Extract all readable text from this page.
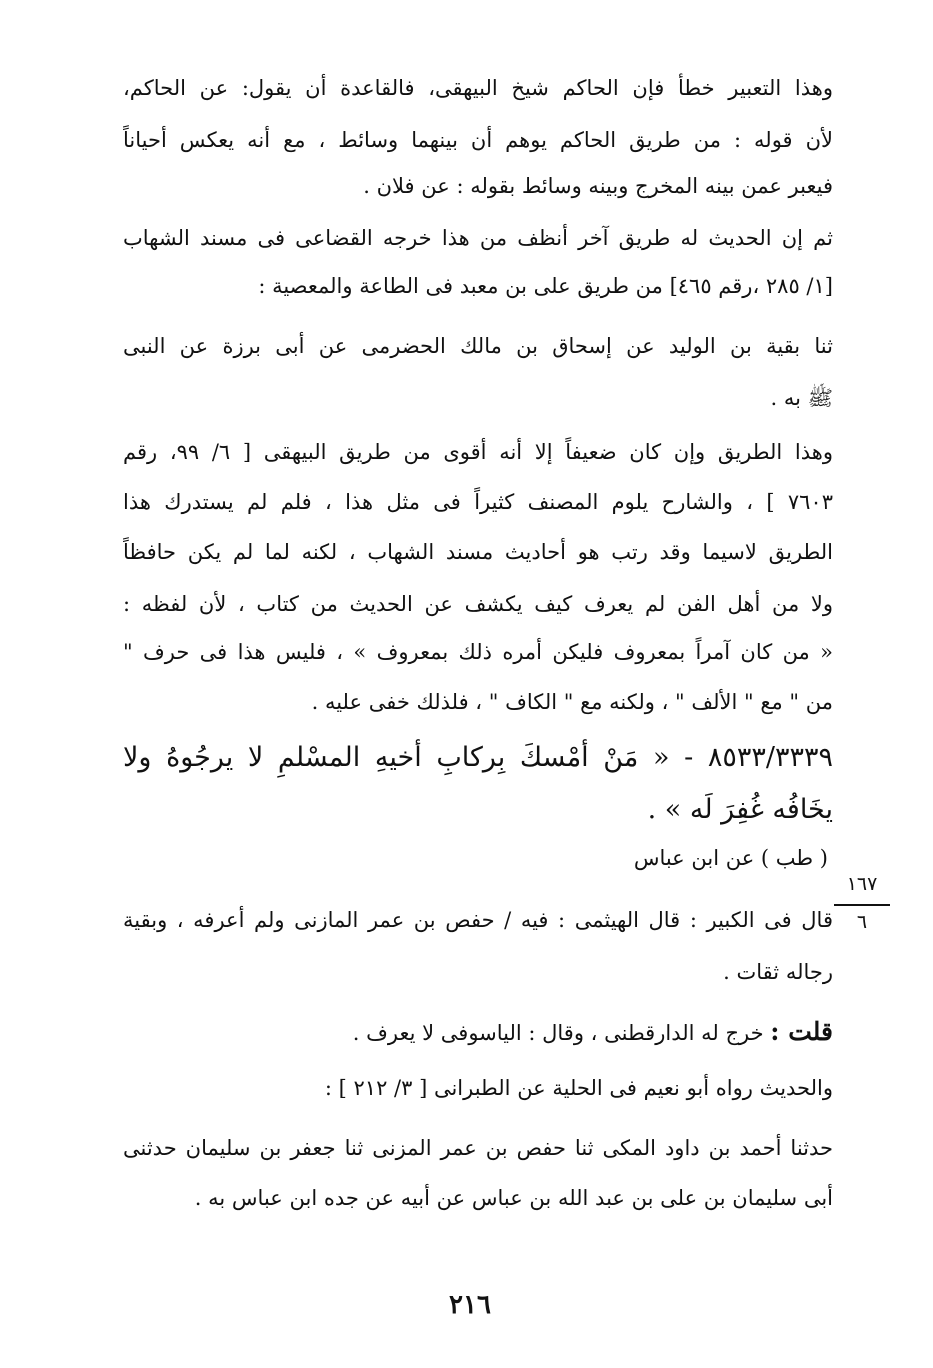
وهذا التعبير خطأ فإن الحاكم شيخ البيهقى، فالقاعدة أن يقول: عن الحاكم،
لأن قوله : من طريق الحاكم يوهم أن بينهما وسائط ، مع أنه يعكس أحياناً
فيعبر عمن بينه المخرج وبينه وسائط بقوله : عن فلان .
ثم إن الحديث له طريق آخر أنظف من هذا خرجه القضاعى فى مسند الشهاب
[١/ ٢٨٥ ،رقم ٤٦٥] من طريق على بن معبد فى الطاعة والمعصية :
ثنا بقية بن الوليد عن إسحاق بن مالك الحضرمى عن أبى برزة عن النبى
ﷺ به .
وهذا الطريق وإن كان ضعيفاً إلا أنه أقوى من طريق البيهقى [ ٦/ ٩٩، رقم
٧٦٠٣ ] ، والشارح يلوم المصنف كثيراً فى مثل هذا ، فلم لم يستدرك هذا
الطريق لاسيما وقد رتب هو أحاديث مسند الشهاب ، لكنه لما لم يكن حافظاً
ولا من أهل الفن لم يعرف كيف يكشف عن الحديث من كتاب ، لأن لفظه :
« من كان آمراً بمعروف فليكن أمره ذلك بمعروف » ، فليس هذا فى حرف "
من " مع " الألف " ، ولكنه مع " الكاف " ، فلذلك خفى عليه .
٨٥٣٣/٣٣٣٩ - « مَنْ أمْسكَ بِركابِ أخيهِ المسْلمِ لا يرجُوهُ ولا
يخَافُه غُفِرَ لَه » .
( طب ) عن ابن عباس
قال فى الكبير : قال الهيثمى : فيه / حفص بن عمر المازنى ولم أعرفه ، وبقية
رجاله ثقات .
قلت : خرج له الدارقطنى ، وقال : الياسوفى لا يعرف .
والحديث رواه أبو نعيم فى الحلية عن الطبرانى [ ٣/ ٢١٢ ] :
حدثنا أحمد بن داود المكى ثنا حفص بن عمر المزنى ثنا جعفر بن سليمان حدثنى
أبى سليمان بن على بن عبد الله بن عباس عن أبيه عن جده ابن عباس به .
١٦٧
٦
٢١٦
